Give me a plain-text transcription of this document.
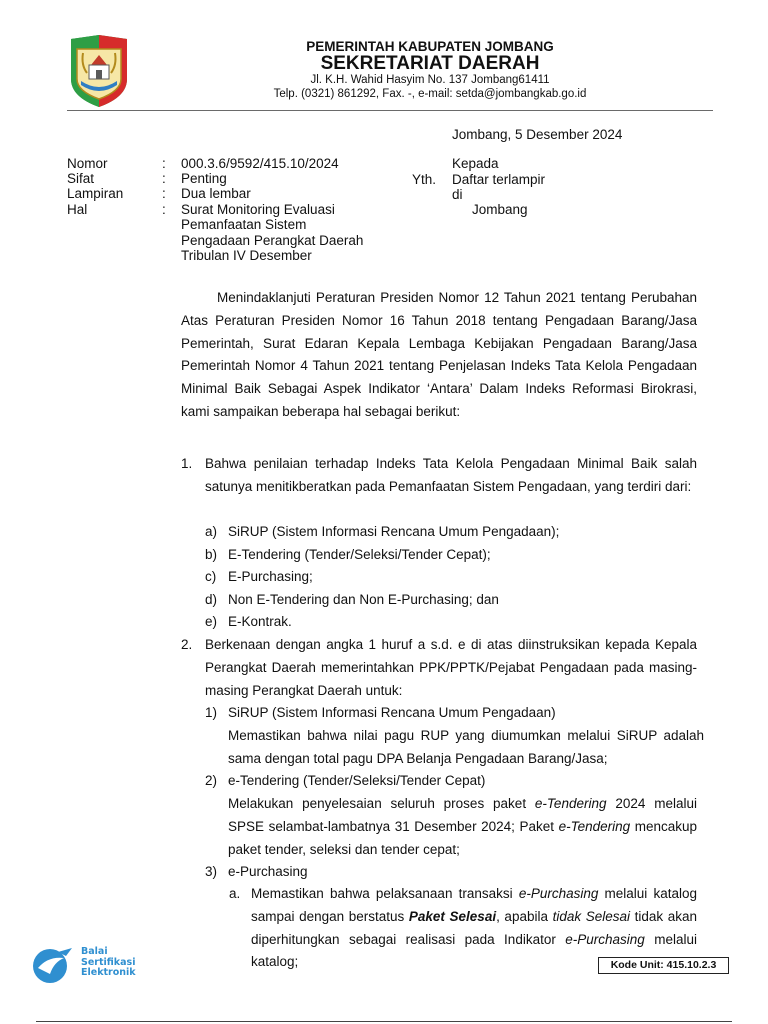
PEMERINTAH KABUPATEN JOMBANG
SEKRETARIAT DAERAH
Jl. K.H. Wahid Hasyim No. 137 Jombang61411
Telp. (0321) 861292, Fax. -, e-mail: setda@jombangkab.go.id
Jombang, 5 Desember 2024
Nomor	: 000.3.6/9592/415.10/2024
Sifat	: Penting
Lampiran	: Dua lembar
Hal	: Surat Monitoring Evaluasi
Pemanfaatan Sistem
Pengadaan Perangkat Daerah
Tribulan IV Desember
Kepada
Yth. Daftar terlampir
di
Jombang
Menindaklanjuti Peraturan Presiden Nomor 12 Tahun 2021 tentang Perubahan Atas Peraturan Presiden Nomor 16 Tahun 2018 tentang Pengadaan Barang/Jasa Pemerintah, Surat Edaran Kepala Lembaga Kebijakan Pengadaan Barang/Jasa Pemerintah Nomor 4 Tahun 2021 tentang Penjelasan Indeks Tata Kelola Pengadaan Minimal Baik Sebagai Aspek Indikator ‘Antara’ Dalam Indeks Reformasi Birokrasi, kami sampaikan beberapa hal sebagai berikut:
1. Bahwa penilaian terhadap Indeks Tata Kelola Pengadaan Minimal Baik salah satunya menitikberatkan pada Pemanfaatan Sistem Pengadaan, yang terdiri dari:
a) SiRUP (Sistem Informasi Rencana Umum Pengadaan);
b) E-Tendering (Tender/Seleksi/Tender Cepat);
c) E-Purchasing;
d) Non E-Tendering dan Non E-Purchasing; dan
e) E-Kontrak.
2. Berkenaan dengan angka 1 huruf a s.d. e di atas diinstruksikan kepada Kepala Perangkat Daerah memerintahkan PPK/PPTK/Pejabat Pengadaan pada masing-masing Perangkat Daerah untuk:
1) SiRUP (Sistem Informasi Rencana Umum Pengadaan)
Memastikan bahwa nilai pagu RUP yang diumumkan melalui SiRUP adalah sama dengan total pagu DPA Belanja Pengadaan Barang/Jasa;
2) e-Tendering (Tender/Seleksi/Tender Cepat)
Melakukan penyelesaian seluruh proses paket e-Tendering 2024 melalui SPSE selambat-lambatnya 31 Desember 2024; Paket e-Tendering mencakup paket tender, seleksi dan tender cepat;
3) e-Purchasing
a. Memastikan bahwa pelaksanaan transaksi e-Purchasing melalui katalog sampai dengan berstatus Paket Selesai, apabila tidak Selesai tidak akan diperhitungkan sebagai realisasi pada Indikator e-Purchasing melalui katalog;
Balai
Sertifikasi
Elektronik
Kode Unit: 415.10.2.3
